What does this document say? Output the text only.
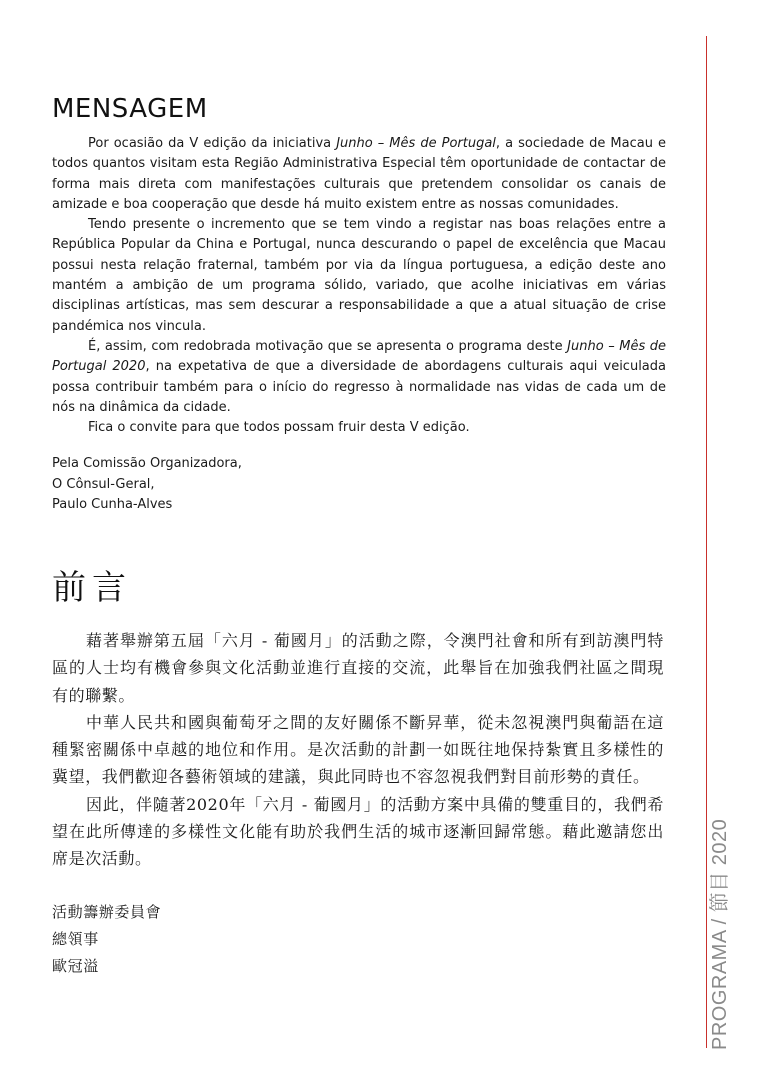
PROGRAMA / 節目 2020
MENSAGEM

Por ocasião da V edição da iniciativa Junho – Mês de Portugal, a sociedade de Macau e todos quantos visitam esta Região Administrativa Especial têm oportunidade de contactar de forma mais direta com manifestações culturais que pretendem consolidar os canais de amizade e boa cooperação que desde há muito existem entre as nossas comunidades.

Tendo presente o incremento que se tem vindo a registar nas boas relações entre a República Popular da China e Portugal, nunca descurando o papel de excelência que Macau possui nesta relação fraternal, também por via da língua portuguesa, a edição deste ano mantém a ambição de um programa sólido, variado, que acolhe iniciativas em várias disciplinas artísticas, mas sem descurar a responsabilidade a que a atual situação de crise pandémica nos vincula.

É, assim, com redobrada motivação que se apresenta o programa deste Junho – Mês de Portugal 2020, na expetativa de que a diversidade de abordagens culturais aqui veiculada possa contribuir também para o início do regresso à normalidade nas vidas de cada um de nós na dinâmica da cidade.

Fica o convite para que todos possam fruir desta V edição.

Pela Comissão Organizadora,
O Cônsul-Geral,
Paulo Cunha-Alves
前言

藉著舉辦第五屆「六月 - 葡國月」的活動之際，令澳門社會和所有到訪澳門特區的人士均有機會參與文化活動並進行直接的交流，此舉旨在加強我們社區之間現有的聯繫。

中華人民共和國與葡萄牙之間的友好關係不斷昇華，從未忽視澳門與葡語在這種緊密關係中卓越的地位和作用。是次活動的計劃一如既往地保持紮實且多樣性的冀望，我們歡迎各藝術領域的建議，與此同時也不容忽視我們對目前形勢的責任。

因此，伴隨著2020年「六月 - 葡國月」的活動方案中具備的雙重目的，我們希望在此所傳達的多樣性文化能有助於我們生活的城市逐漸回歸常態。藉此邀請您出席是次活動。

活動籌辦委員會
總領事
歐冠溢
